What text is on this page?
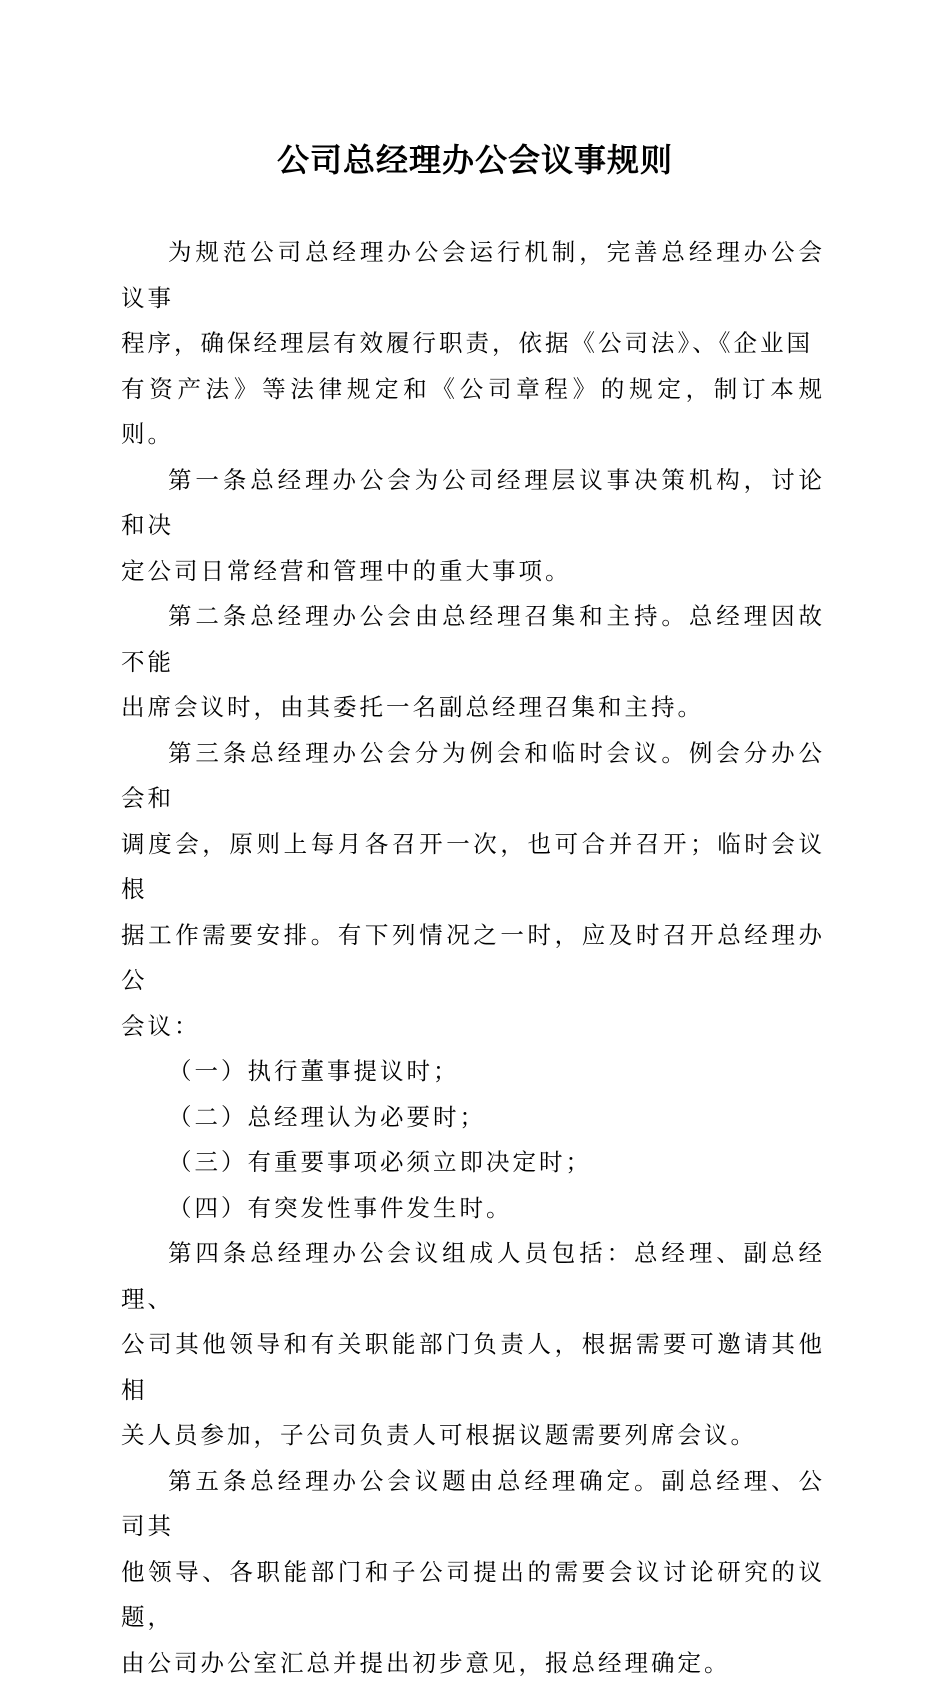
公司总经理办公会议事规则
为规范公司总经理办公会运行机制，完善总经理办公会议事
程序，确保经理层有效履行职责，依据《公司法》、《企业国
有资产法》等法律规定和《公司章程》的规定，制订本规则。
第一条总经理办公会为公司经理层议事决策机构，讨论和决
定公司日常经营和管理中的重大事项。
第二条总经理办公会由总经理召集和主持。总经理因故不能
出席会议时，由其委托一名副总经理召集和主持。
第三条总经理办公会分为例会和临时会议。例会分办公会和
调度会，原则上每月各召开一次，也可合并召开；临时会议根
据工作需要安排。有下列情况之一时，应及时召开总经理办公
会议：
（一）执行董事提议时；
（二）总经理认为必要时；
（三）有重要事项必须立即决定时；
（四）有突发性事件发生时。
第四条总经理办公会议组成人员包括：总经理、副总经理、
公司其他领导和有关职能部门负责人，根据需要可邀请其他相
关人员参加，子公司负责人可根据议题需要列席会议。
第五条总经理办公会议题由总经理确定。副总经理、公司其
他领导、各职能部门和子公司提出的需要会议讨论研究的议题，
由公司办公室汇总并提出初步意见，报总经理确定。
